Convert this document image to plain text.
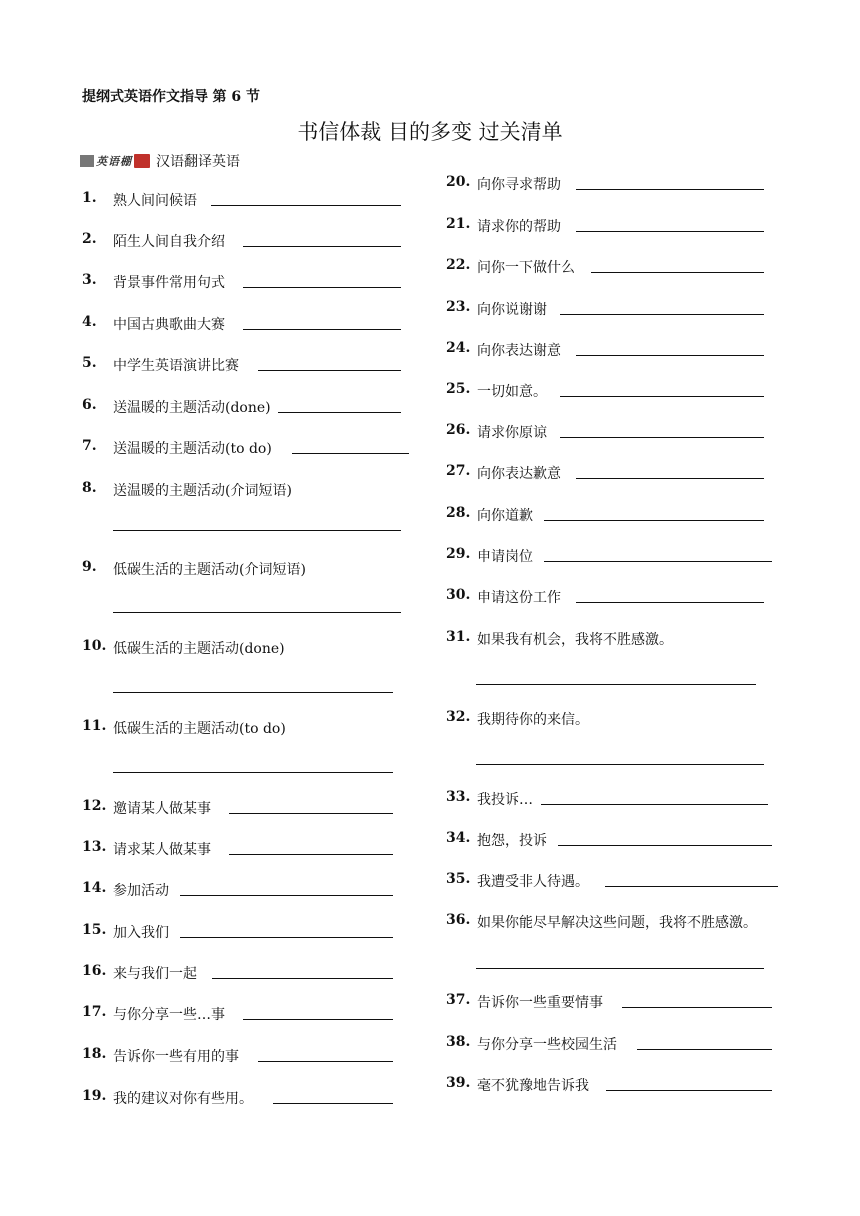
提纲式英语作文指导 第 6 节
书信体裁 目的多变 过关清单
英语棚 汉语翻译英语
1. 熟人间问候语
2. 陌生人间自我介绍
3. 背景事件常用句式
4. 中国古典歌曲大赛
5. 中学生英语演讲比赛
6. 送温暖的主题活动(done)
7. 送温暖的主题活动(to do)
8. 送温暖的主题活动(介词短语)
9. 低碳生活的主题活动(介词短语)
10. 低碳生活的主题活动(done)
11. 低碳生活的主题活动(to do)
12. 邀请某人做某事
13. 请求某人做某事
14. 参加活动
15. 加入我们
16. 来与我们一起
17. 与你分享一些…事
18. 告诉你一些有用的事
19. 我的建议对你有些用。
20. 向你寻求帮助
21. 请求你的帮助
22. 问你一下做什么
23. 向你说谢谢
24. 向你表达谢意
25. 一切如意。
26. 请求你原谅
27. 向你表达歉意
28. 向你道歉
29. 申请岗位
30. 申请这份工作
31. 如果我有机会，我将不胜感激。
32. 我期待你的来信。
33. 我投诉…
34. 抱怨，投诉
35. 我遭受非人待遇。
36. 如果你能尽早解决这些问题，我将不胜感激。
37. 告诉你一些重要情事
38. 与你分享一些校园生活
39. 毫不犹豫地告诉我
